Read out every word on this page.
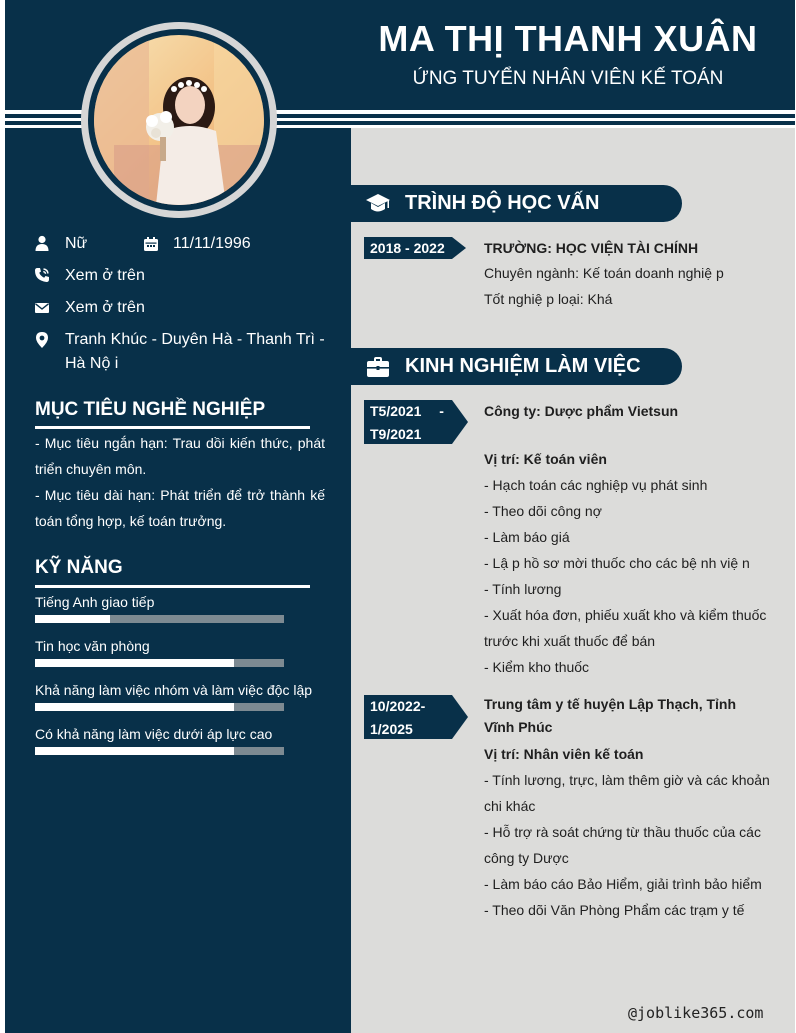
MA THỊ THANH XUÂN
ỨNG TUYỂN NHÂN VIÊN KẾ TOÁN
Nữ	11/11/1996
Xem ở trên
Xem ở trên
Tranh Khúc - Duyên Hà - Thanh Trì -
Hà Nộ i
MỤC TIÊU NGHỀ NGHIỆP

- Mục tiêu ngắn hạn: Trau dồi kiến thức, phát triển chuyên môn.

- Mục tiêu dài hạn: Phát triển để trở thành kế toán tổng hợp, kế toán trưởng.

KỸ NĂNG
Tiếng Anh giao tiếp
Tin học văn phòng
Khả năng làm việc nhóm và làm việc độc lập
Có khả năng làm việc dưới áp lực cao
TRÌNH ĐỘ HỌC VẤN
2018 - 2022	TRƯỜNG: HỌC VIỆN TÀI CHÍNH
Chuyên ngành: Kế toán doanh nghiệ p
Tốt nghiệ p loại: Khá
KINH NGHIỆM LÀM VIỆC
T5/2021 -
T9/2021
Công ty: Dược phẩm Vietsun
Vị trí: Kế toán viên
- Hạch toán các nghiệp vụ phát sinh
- Theo dõi công nợ
- Làm báo giá
- Lậ p hồ sơ mời thuốc cho các bệ nh việ n
- Tính lương
- Xuất hóa đơn, phiếu xuất kho và kiểm thuốc trước khi xuất thuốc để bán
- Kiểm kho thuốc
10/2022-
1/2025
Trung tâm y tế huyện Lập Thạch, Tỉnh Vĩnh Phúc
Vị trí: Nhân viên kế toán
- Tính lương, trực, làm thêm giờ và các khoản chi khác
- Hỗ trợ rà soát chứng từ thầu thuốc của các công ty Dược
- Làm báo cáo Bảo Hiểm, giải trình bảo hiểm
- Theo dõi Văn Phòng Phẩm các trạm y tế
@joblike365.com
